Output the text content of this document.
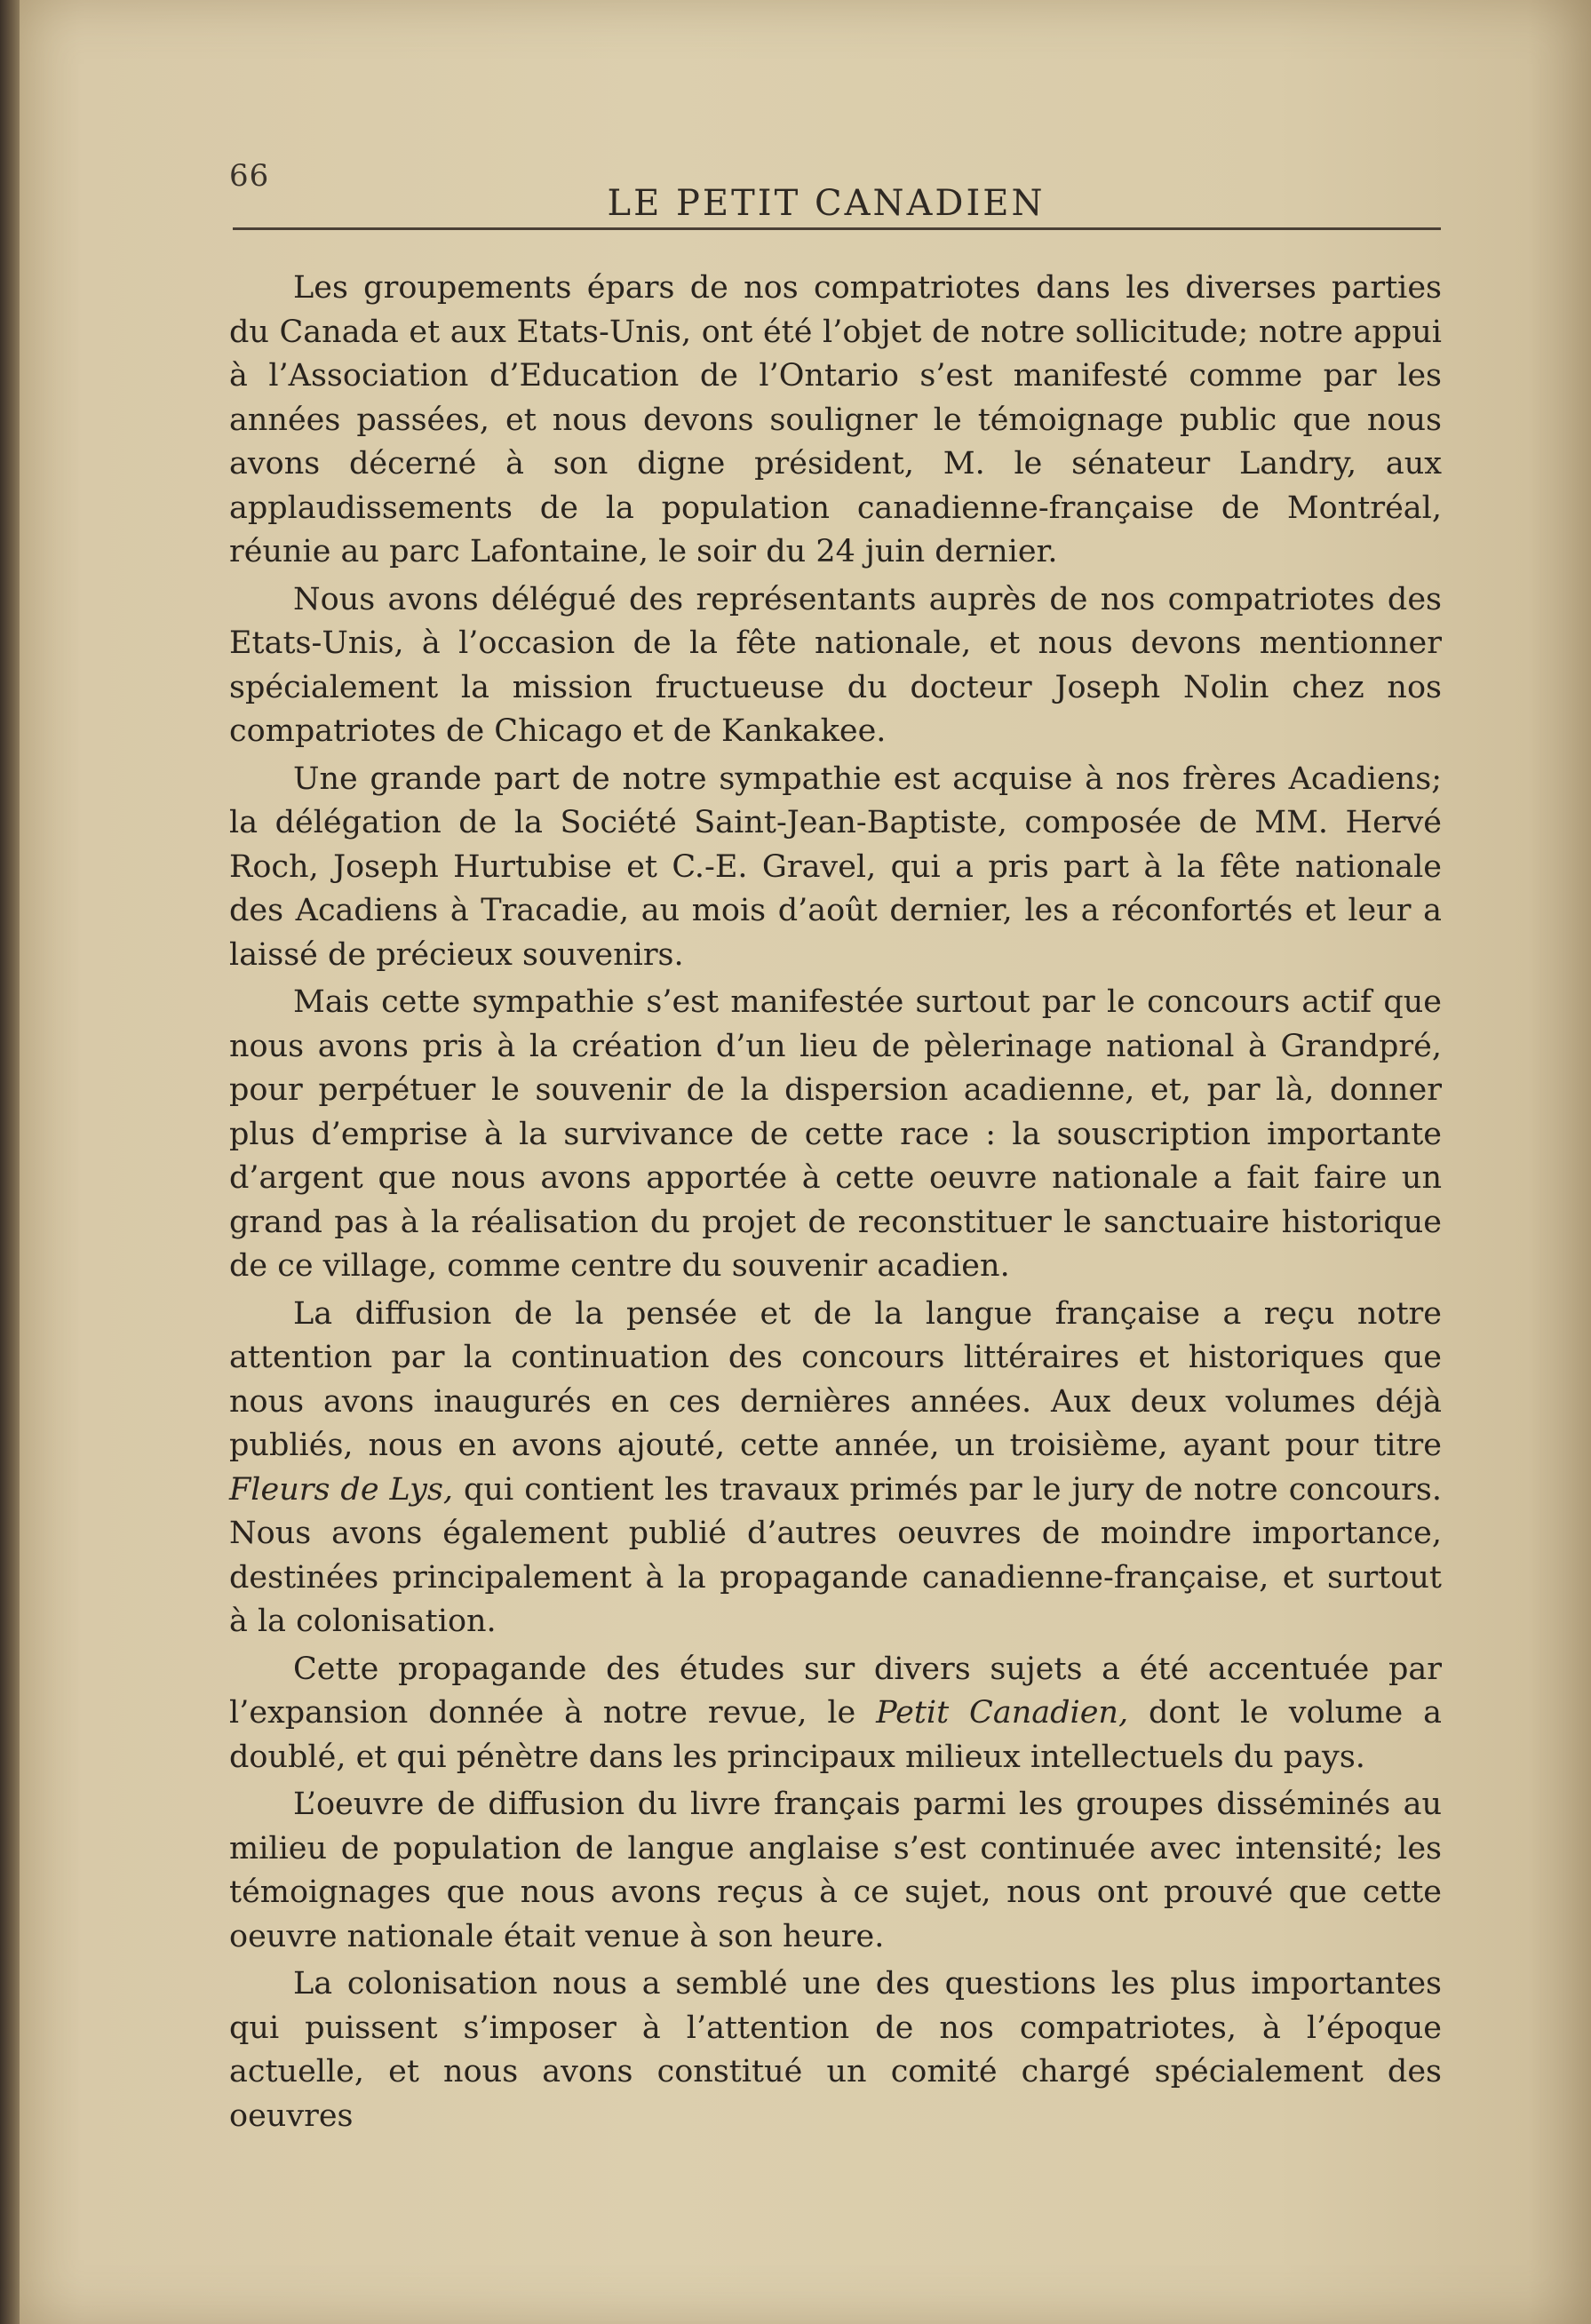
66
LE PETIT CANADIEN

Les groupements épars de nos compatriotes dans les diverses parties du Canada et aux Etats-Unis, ont été l’objet de notre sollicitude; notre appui à l’Association d’Education de l’Ontario s’est manifesté comme par les années passées, et nous devons souligner le témoignage public que nous avons décerné à son digne président, M. le sénateur Landry, aux applaudissements de la population canadienne-française de Montréal, réunie au parc Lafontaine, le soir du 24 juin dernier.

Nous avons délégué des représentants auprès de nos compatriotes des Etats-Unis, à l’occasion de la fête nationale, et nous devons mentionner spécialement la mission fructueuse du docteur Joseph Nolin chez nos compatriotes de Chicago et de Kankakee.

Une grande part de notre sympathie est acquise à nos frères Acadiens; la délégation de la Société Saint-Jean-Baptiste, composée de MM. Hervé Roch, Joseph Hurtubise et C.-E. Gravel, qui a pris part à la fête nationale des Acadiens à Tracadie, au mois d’août dernier, les a réconfortés et leur a laissé de précieux souvenirs.

Mais cette sympathie s’est manifestée surtout par le concours actif que nous avons pris à la création d’un lieu de pèlerinage national à Grandpré, pour perpétuer le souvenir de la dispersion acadienne, et, par là, donner plus d’emprise à la survivance de cette race : la souscription importante d’argent que nous avons apportée à cette oeuvre nationale a fait faire un grand pas à la réalisation du projet de reconstituer le sanctuaire historique de ce village, comme centre du souvenir acadien.

La diffusion de la pensée et de la langue française a reçu notre attention par la continuation des concours littéraires et historiques que nous avons inaugurés en ces dernières années. Aux deux volumes déjà publiés, nous en avons ajouté, cette année, un troisième, ayant pour titre Fleurs de Lys, qui contient les travaux primés par le jury de notre concours. Nous avons également publié d’autres oeuvres de moindre importance, destinées principalement à la propagande canadienne-française, et surtout à la colonisation.

Cette propagande des études sur divers sujets a été accentuée par l’expansion donnée à notre revue, le Petit Canadien, dont le volume a doublé, et qui pénètre dans les principaux milieux intellectuels du pays.

L’oeuvre de diffusion du livre français parmi les groupes disséminés au milieu de population de langue anglaise s’est continuée avec intensité; les témoignages que nous avons reçus à ce sujet, nous ont prouvé que cette oeuvre nationale était venue à son heure.

La colonisation nous a semblé une des questions les plus importantes qui puissent s’imposer à l’attention de nos compatriotes, à l’époque actuelle, et nous avons constitué un comité chargé spécialement des oeuvres
